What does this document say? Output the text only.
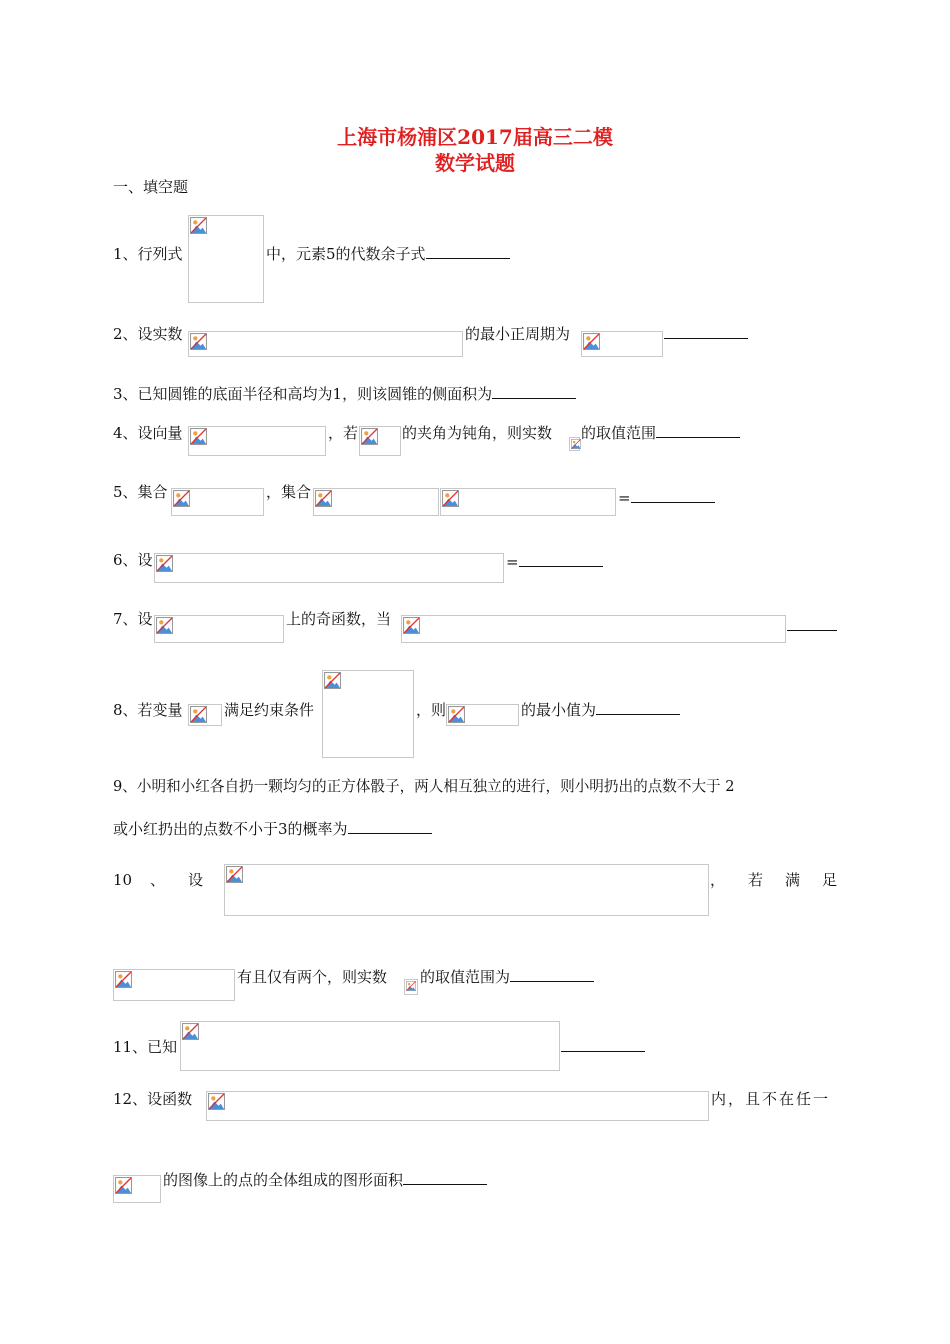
上海市杨浦区2017届高三二模
数学试题
一、填空题
1、行列式	中，元素5的代数余子式
2、设实数	的最小正周期为
3、已知圆锥的底面半径和高均为1，则该圆锥的侧面积为
4、设向量	，若	的夹角为钝角，则实数 的取值范围
5、集合	，集合	=
6、设	=
7、设	上的奇函数，当
8、若变量	满足约束条件	，则	的最小值为
9、小明和小红各自扔一颗均匀的正方体骰子，两人相互独立的进行，则小明扔出的点数不大于 2
或小红扔出的点数不小于3的概率为
10 、 设	， 若 满 足
有且仅有两个，则实数 的取值范围为
11、已知
12、设函数	内，且不在任一
的图像上的点的全体组成的图形面积
